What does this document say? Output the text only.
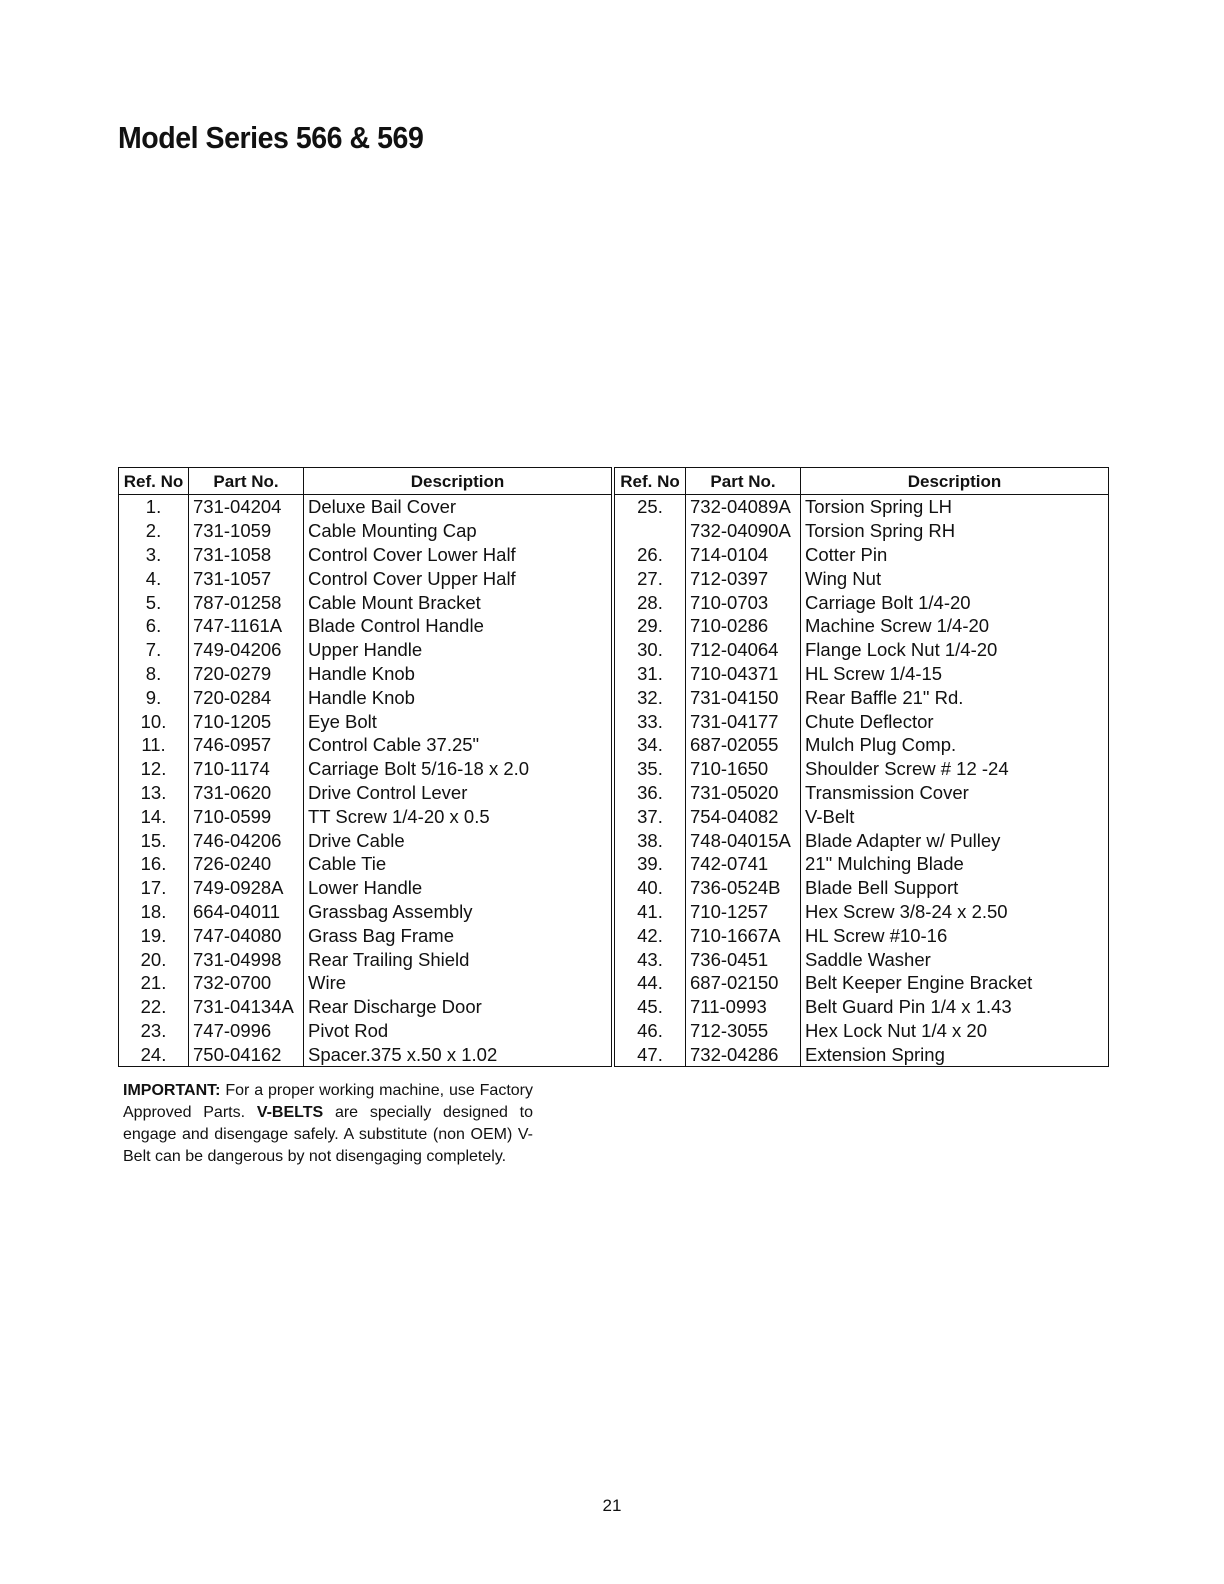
Model Series 566 & 569
Ref. No	Part No.	Description
1.	731-04204	Deluxe Bail Cover
2.	731-1059	Cable Mounting Cap
3.	731-1058	Control Cover Lower Half
4.	731-1057	Control Cover Upper Half
5.	787-01258	Cable Mount Bracket
6.	747-1161A	Blade Control Handle
7.	749-04206	Upper Handle
8.	720-0279	Handle Knob
9.	720-0284	Handle Knob
10.	710-1205	Eye Bolt
11.	746-0957	Control Cable 37.25"
12.	710-1174	Carriage Bolt 5/16-18 x 2.0
13.	731-0620	Drive Control Lever
14.	710-0599	TT Screw 1/4-20 x 0.5
15.	746-04206	Drive Cable
16.	726-0240	Cable Tie
17.	749-0928A	Lower Handle
18.	664-04011	Grassbag Assembly
19.	747-04080	Grass Bag Frame
20.	731-04998	Rear Trailing Shield
21.	732-0700	Wire
22.	731-04134A	Rear Discharge Door
23.	747-0996	Pivot Rod
24.	750-04162	Spacer.375 x.50 x 1.02
Ref. No	Part No.	Description
25.	732-04089A	Torsion Spring LH
	732-04090A	Torsion Spring RH
26.	714-0104	Cotter Pin
27.	712-0397	Wing Nut
28.	710-0703	Carriage Bolt 1/4-20
29.	710-0286	Machine Screw 1/4-20
30.	712-04064	Flange Lock Nut 1/4-20
31.	710-04371	HL Screw 1/4-15
32.	731-04150	Rear Baffle 21" Rd.
33.	731-04177	Chute Deflector
34.	687-02055	Mulch Plug Comp.
35.	710-1650	Shoulder Screw # 12 -24
36.	731-05020	Transmission Cover
37.	754-04082	V-Belt
38.	748-04015A	Blade Adapter w/ Pulley
39.	742-0741	21" Mulching Blade
40.	736-0524B	Blade Bell Support
41.	710-1257	Hex Screw 3/8-24 x 2.50
42.	710-1667A	HL Screw #10-16
43.	736-0451	Saddle Washer
44.	687-02150	Belt Keeper Engine Bracket
45.	711-0993	Belt Guard Pin 1/4 x 1.43
46.	712-3055	Hex Lock Nut 1/4 x 20
47.	732-04286	Extension Spring

IMPORTANT: For a proper working machine, use Factory Approved Parts. V-BELTS are specially designed to engage and disengage safely. A substitute (non OEM) V-Belt can be dangerous by not disengaging completely.

21
